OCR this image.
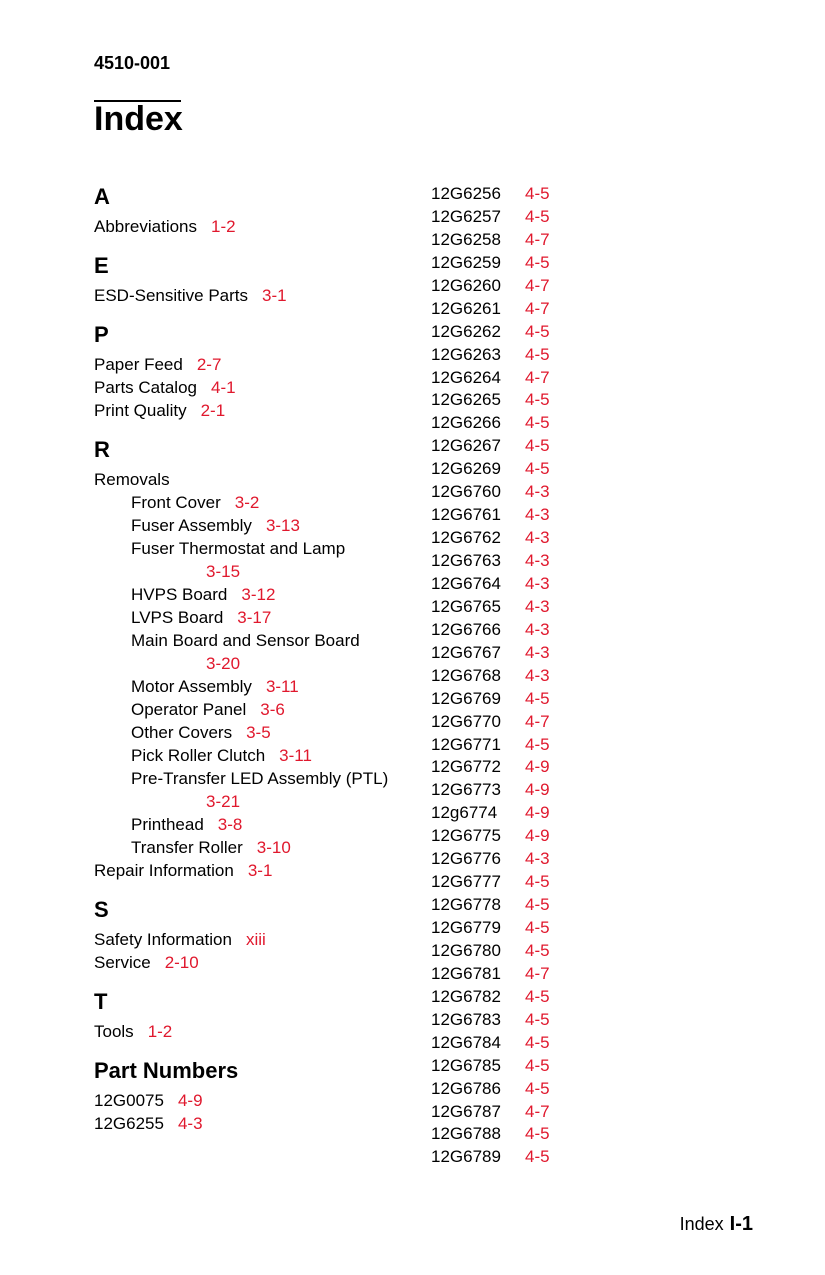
4510-001
Index
A
Abbreviations 1-2
E
ESD-Sensitive Parts 3-1
P
Paper Feed 2-7
Parts Catalog 4-1
Print Quality 2-1
R
Removals
Front Cover 3-2
Fuser Assembly 3-13
Fuser Thermostat and Lamp
3-15
HVPS Board 3-12
LVPS Board 3-17
Main Board and Sensor Board
3-20
Motor Assembly 3-11
Operator Panel 3-6
Other Covers 3-5
Pick Roller Clutch 3-11
Pre-Transfer LED Assembly (PTL)
3-21
Printhead 3-8
Transfer Roller 3-10
Repair Information 3-1
S
Safety Information xiii
Service 2-10
T
Tools 1-2
Part Numbers
12G0075 4-9
12G6255 4-3
12G6256 4-5
12G6257 4-5
12G6258 4-7
12G6259 4-5
12G6260 4-7
12G6261 4-7
12G6262 4-5
12G6263 4-5
12G6264 4-7
12G6265 4-5
12G6266 4-5
12G6267 4-5
12G6269 4-5
12G6760 4-3
12G6761 4-3
12G6762 4-3
12G6763 4-3
12G6764 4-3
12G6765 4-3
12G6766 4-3
12G6767 4-3
12G6768 4-3
12G6769 4-5
12G6770 4-7
12G6771 4-5
12G6772 4-9
12G6773 4-9
12g6774 4-9
12G6775 4-9
12G6776 4-3
12G6777 4-5
12G6778 4-5
12G6779 4-5
12G6780 4-5
12G6781 4-7
12G6782 4-5
12G6783 4-5
12G6784 4-5
12G6785 4-5
12G6786 4-5
12G6787 4-7
12G6788 4-5
12G6789 4-5
Index I-1
